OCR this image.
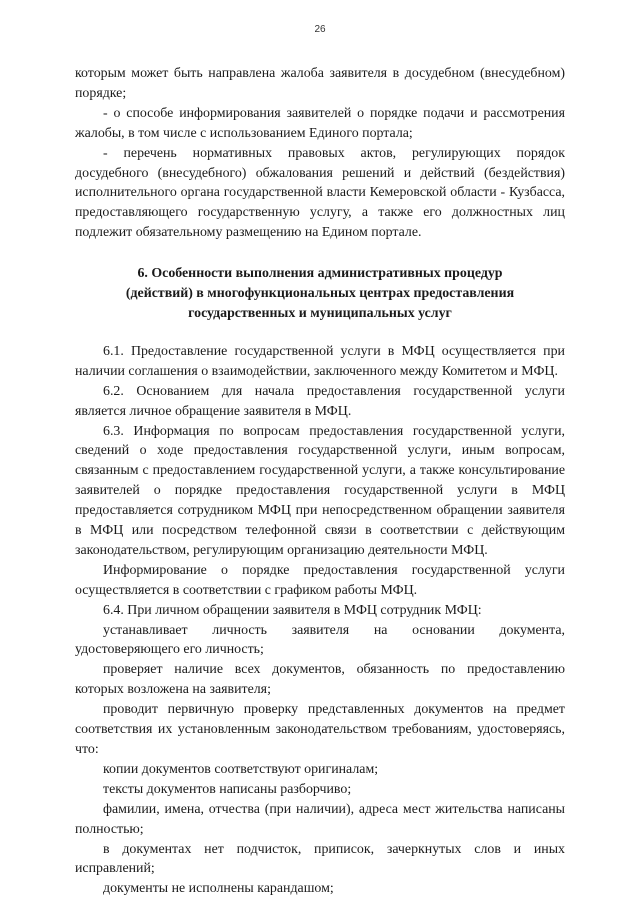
26

которым может быть направлена жалоба заявителя в досудебном (внесудебном) порядке;

- о способе информирования заявителей о порядке подачи и рассмотрения жалобы, в том числе с использованием Единого портала;

- перечень нормативных правовых актов, регулирующих порядок досудебного (внесудебного) обжалования решений и действий (бездействия) исполнительного органа государственной власти Кемеровской области - Кузбасса, предоставляющего государственную услугу, а также его должностных лиц подлежит обязательному размещению на Едином портале.

6. Особенности выполнения административных процедур
(действий) в многофункциональных центрах предоставления
государственных и муниципальных услуг

6.1. Предоставление государственной услуги в МФЦ осуществляется при наличии соглашения о взаимодействии, заключенного между Комитетом и МФЦ.

6.2. Основанием для начала предоставления государственной услуги является личное обращение заявителя в МФЦ.

6.3. Информация по вопросам предоставления государственной услуги, сведений о ходе предоставления государственной услуги, иным вопросам, связанным с предоставлением государственной услуги, а также консультирование заявителей о порядке предоставления государственной услуги в МФЦ предоставляется сотрудником МФЦ при непосредственном обращении заявителя в МФЦ или посредством телефонной связи в соответствии с действующим законодательством, регулирующим организацию деятельности МФЦ.

Информирование о порядке предоставления государственной услуги осуществляется в соответствии с графиком работы МФЦ.

6.4. При личном обращении заявителя в МФЦ сотрудник МФЦ:

устанавливает личность заявителя на основании документа, удостоверяющего его личность;

проверяет наличие всех документов, обязанность по предоставлению которых возложена на заявителя;

проводит первичную проверку представленных документов на предмет соответствия их установленным законодательством требованиям, удостоверяясь, что:

копии документов соответствуют оригиналам;

тексты документов написаны разборчиво;

фамилии, имена, отчества (при наличии), адреса мест жительства написаны полностью;

в документах нет подчисток, приписок, зачеркнутых слов и иных исправлений;

документы не исполнены карандашом;
